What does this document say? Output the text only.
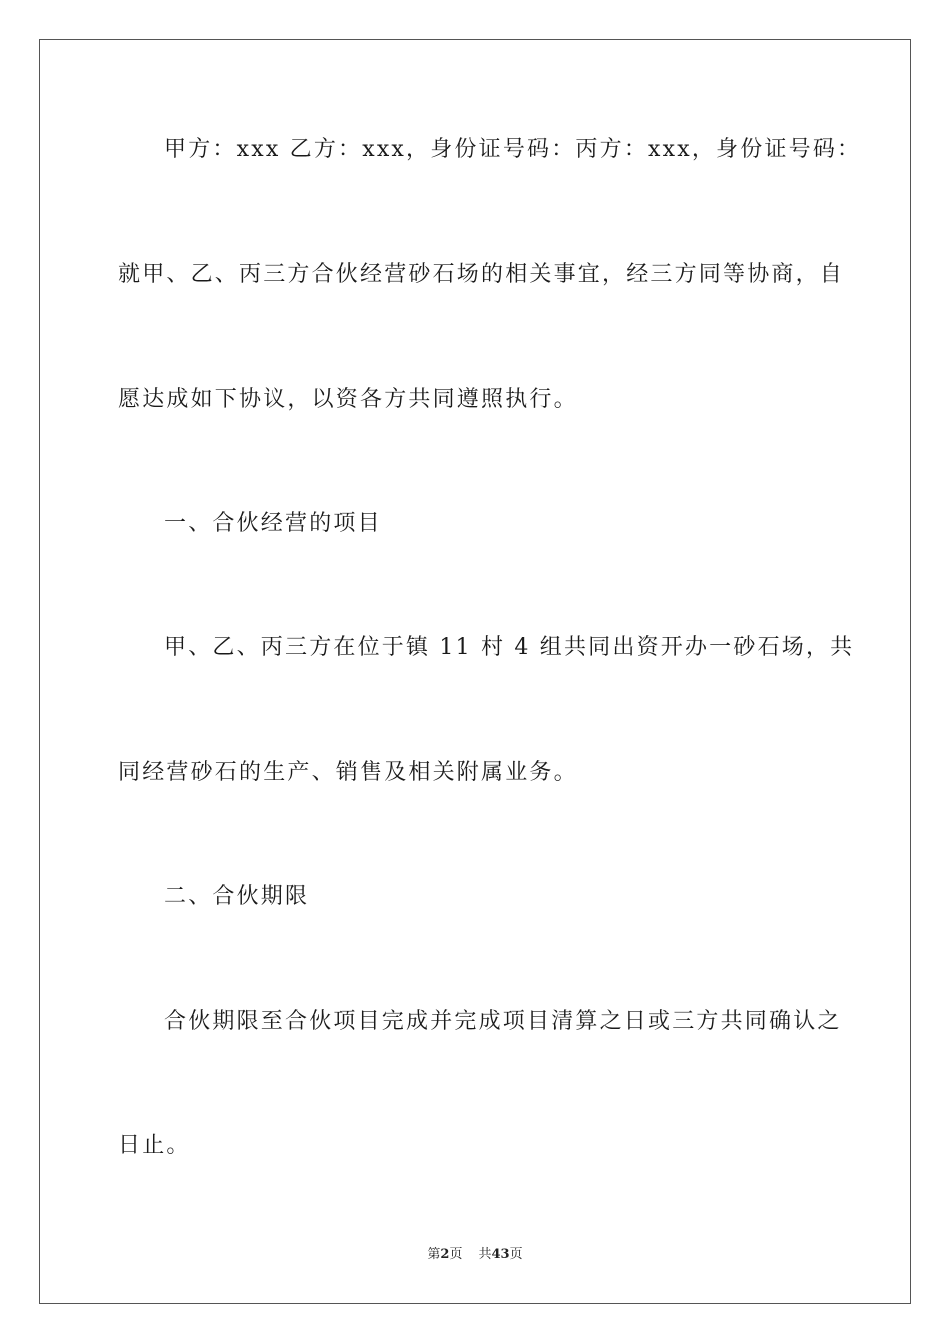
甲方：xxx 乙方：xxx，身份证号码：丙方：xxx，身份证号码：
就甲、乙、丙三方合伙经营砂石场的相关事宜，经三方同等协商，自
愿达成如下协议，以资各方共同遵照执行。
一、合伙经营的项目
甲、乙、丙三方在位于镇 11 村 4 组共同出资开办一砂石场，共
同经营砂石的生产、销售及相关附属业务。
二、合伙期限
合伙期限至合伙项目完成并完成项目清算之日或三方共同确认之
日止。
第2页 共43页
